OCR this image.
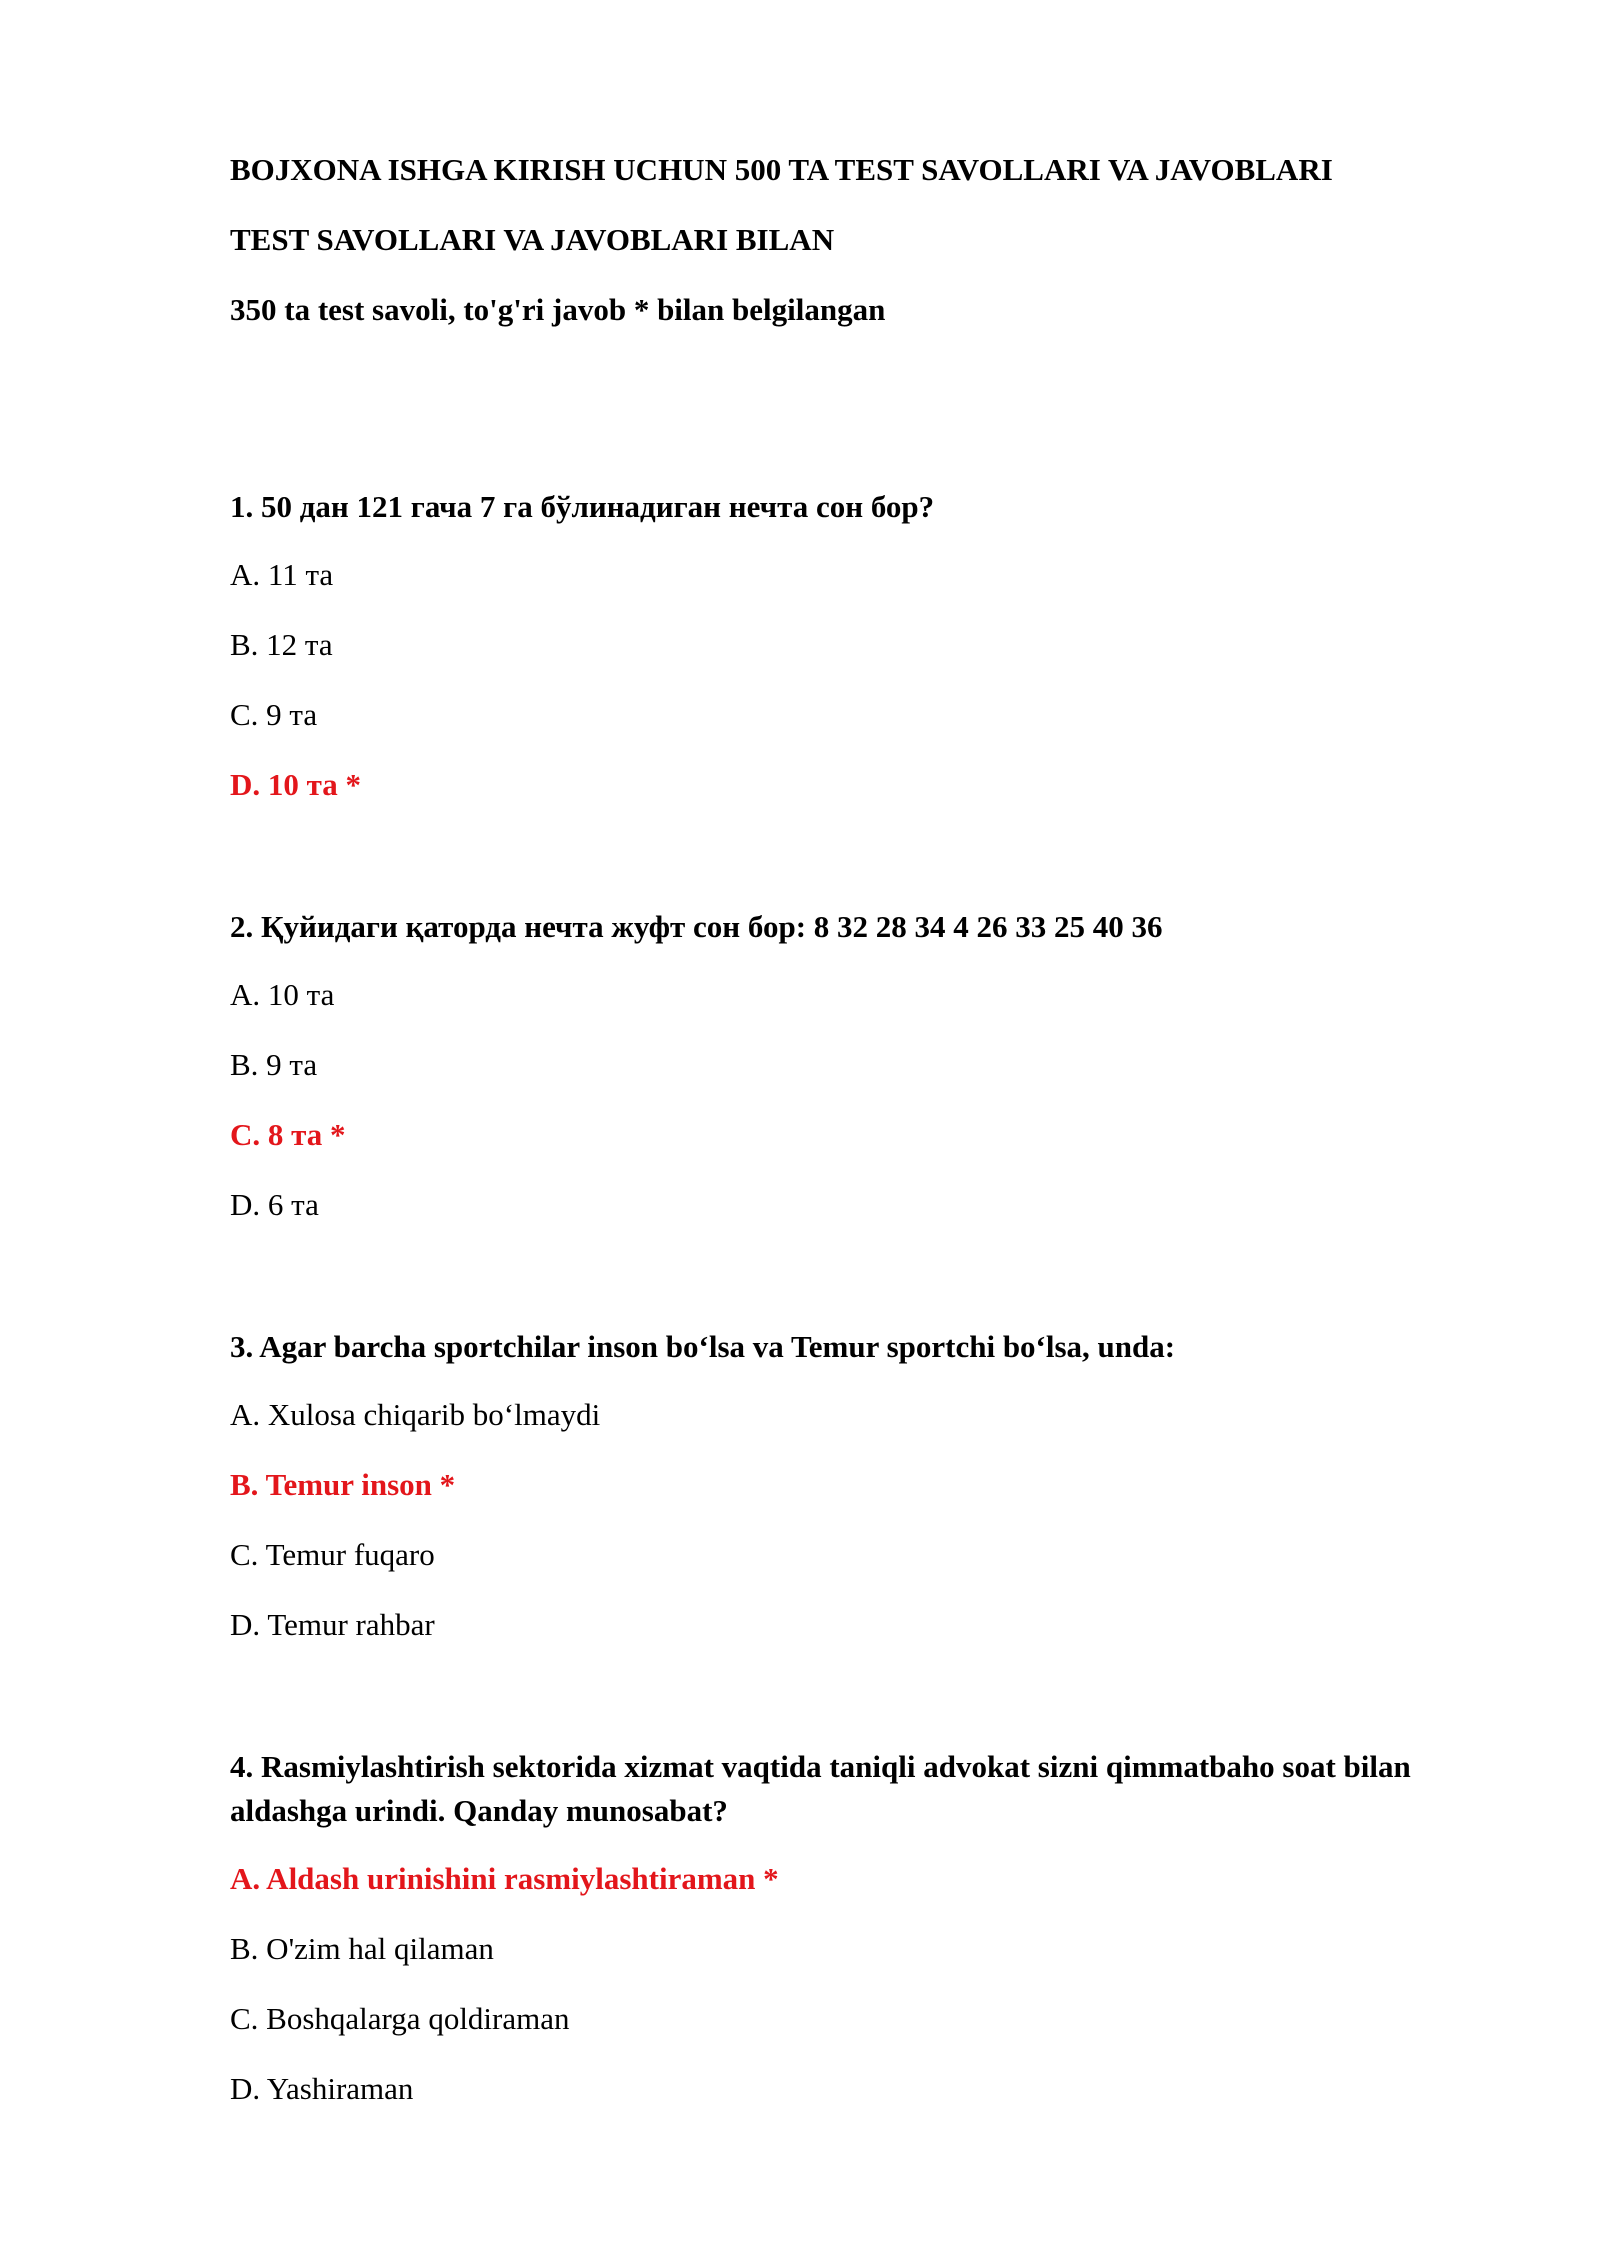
BOJXONA ISHGA KIRISH UCHUN 500 TA TEST SAVOLLARI VA JAVOBLARI
TEST SAVOLLARI VA JAVOBLARI BILAN
350 ta test savoli, to'g'ri javob * bilan belgilangan
1. 50 дан 121 гача 7 га бўлинадиган нечта сон бор?
A. 11 та
B. 12 та
C. 9 та
D. 10 та *
2. Қуйидаги қаторда нечта жуфт сон бор: 8 32 28 34 4 26 33 25 40 36
A. 10 та
B. 9 та
C. 8 та *
D. 6 та
3. Agar barcha sportchilar inson bo‘lsa va Temur sportchi bo‘lsa, unda:
A. Xulosa chiqarib bo‘lmaydi
B. Temur inson *
C. Temur fuqaro
D. Temur rahbar
4. Rasmiylashtirish sektorida xizmat vaqtida taniqli advokat sizni qimmatbaho soat bilan aldashga urindi. Qanday munosabat?
A. Aldash urinishini rasmiylashtiraman *
B. O'zim hal qilaman
C. Boshqalarga qoldiraman
D. Yashiraman
